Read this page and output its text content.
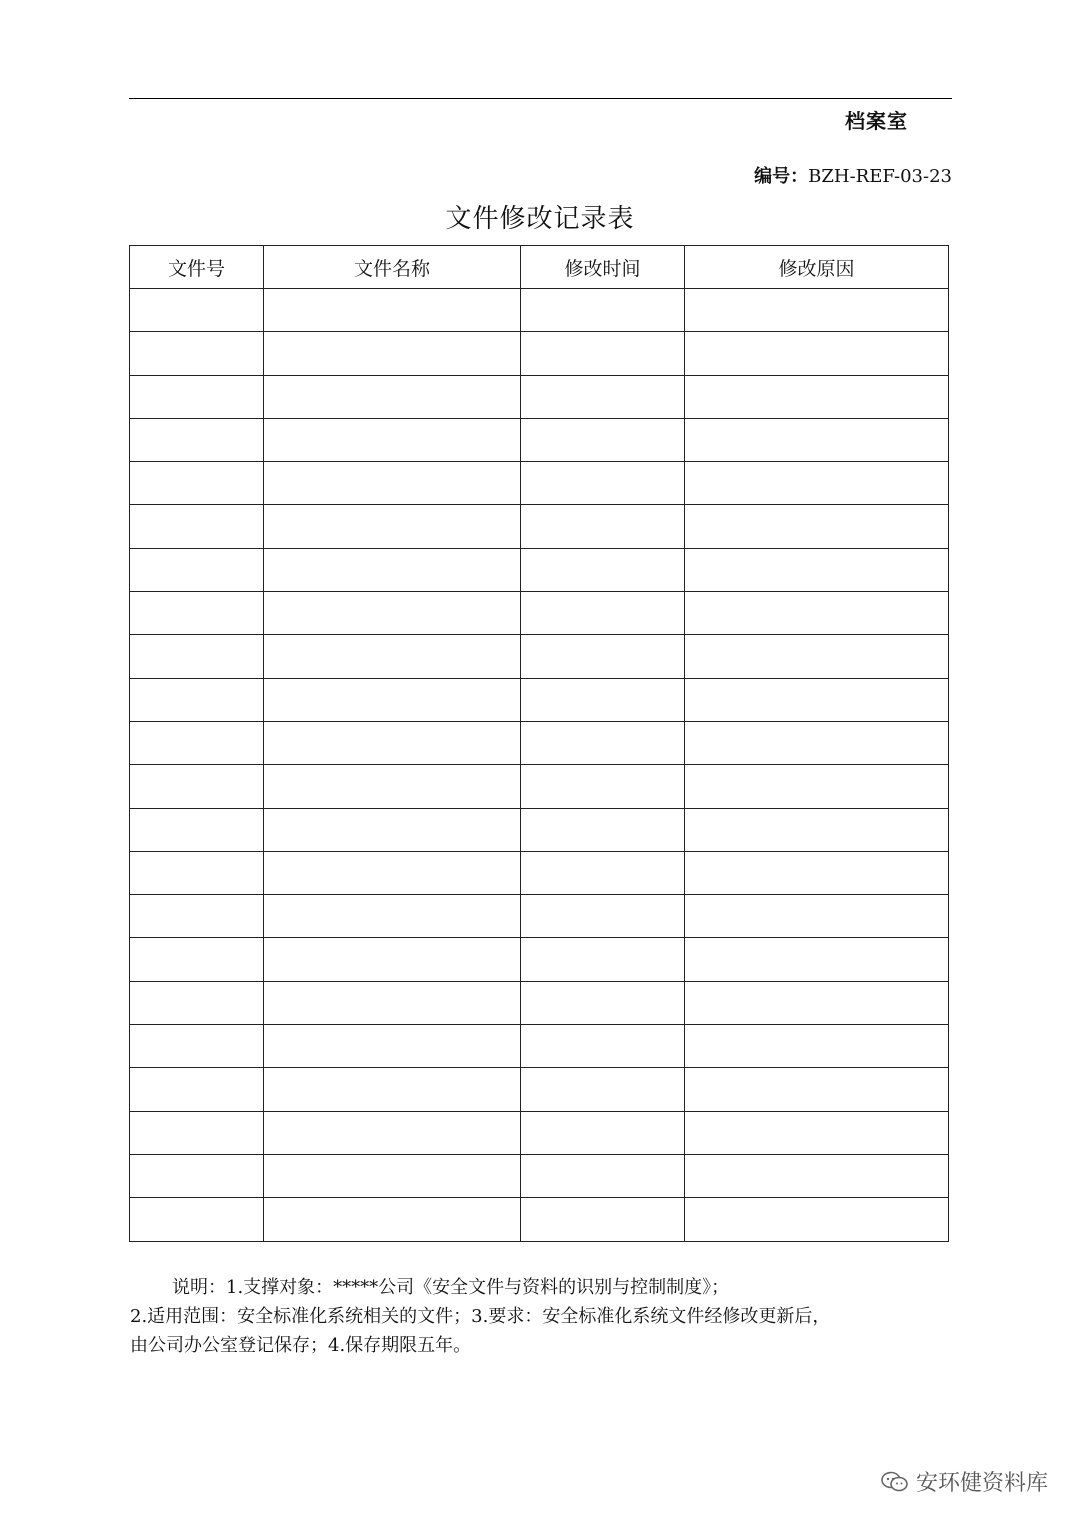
档案室
编号：BZH-REF-03-23
文件修改记录表
文件号	文件名称	修改时间	修改原因

说明：1.支撑对象：*****公司《安全文件与资料的识别与控制制度》；
2.适用范围：安全标准化系统相关的文件；3.要求：安全标准化系统文件经修改更新后，
由公司办公室登记保存；4.保存期限五年。
安环健资料库
